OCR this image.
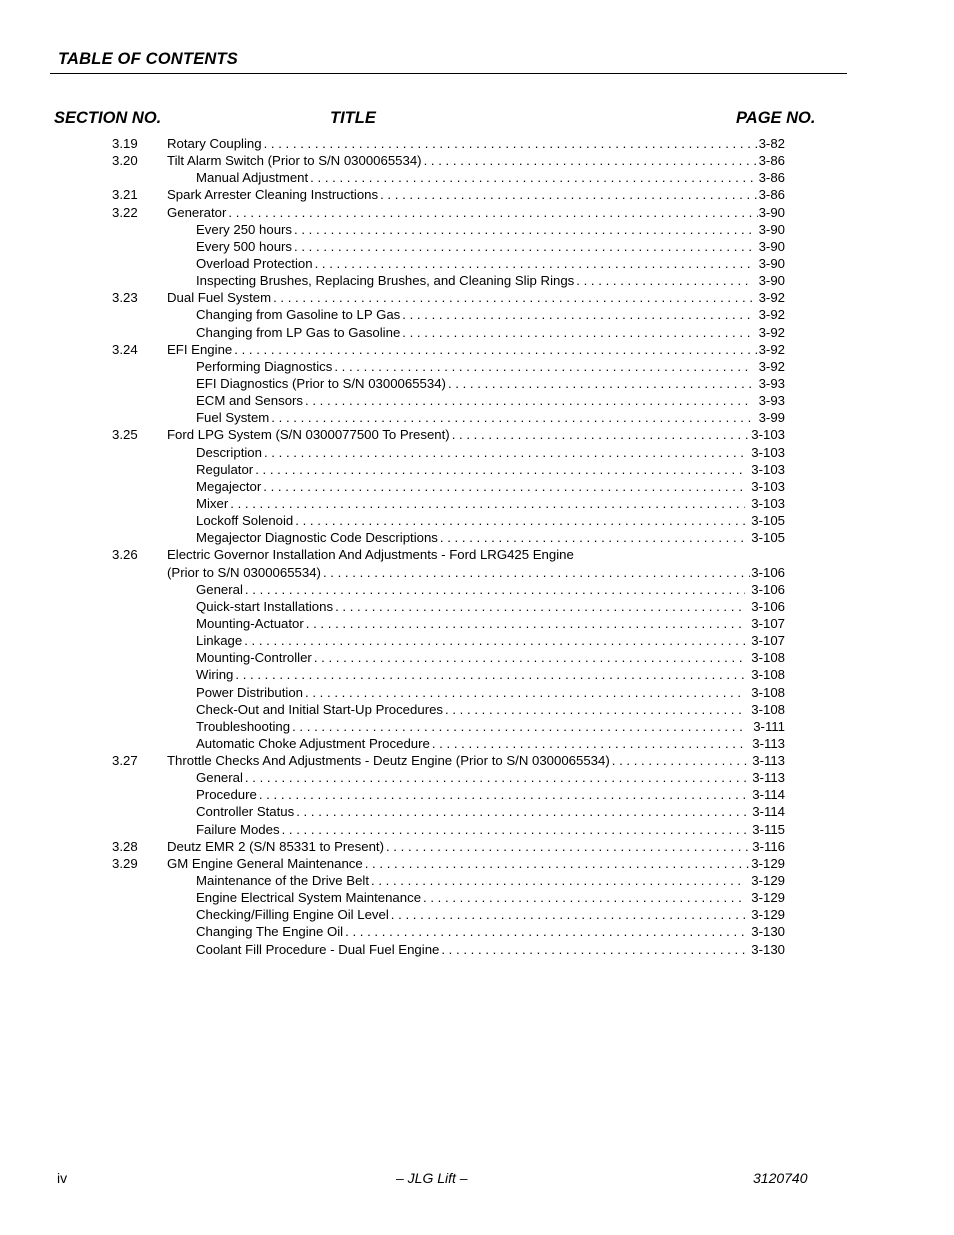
TABLE OF CONTENTS
SECTION NO.	TITLE	PAGE NO.
3.19 Rotary Coupling . . .	3-82
3.20 Tilt Alarm Switch (Prior to S/N 0300065534) . . .	3-86
Manual Adjustment . . .	3-86
3.21 Spark Arrester Cleaning Instructions . . .	3-86
3.22 Generator . . .	3-90
Every 250 hours . . .	3-90
Every 500 hours . . .	3-90
Overload Protection . . .	3-90
Inspecting Brushes, Replacing Brushes, and Cleaning Slip Rings . . .	3-90
3.23 Dual Fuel System . . .	3-92
Changing from Gasoline to LP Gas . . .	3-92
Changing from LP Gas to Gasoline . . .	3-92
3.24 EFI Engine . . .	3-92
Performing Diagnostics . . .	3-92
EFI Diagnostics (Prior to S/N 0300065534) . . .	3-93
ECM and Sensors . . .	3-93
Fuel System . . .	3-99
3.25 Ford LPG System (S/N 0300077500 To Present) . . .	3-103
Description . . .	3-103
Regulator . . .	3-103
Megajector . . .	3-103
Mixer . . .	3-103
Lockoff Solenoid . . .	3-105
Megajector Diagnostic Code Descriptions . . .	3-105
3.26 Electric Governor Installation And Adjustments - Ford LRG425 Engine
(Prior to S/N 0300065534) . . .	3-106
General . . .	3-106
Quick-start Installations . . .	3-106
Mounting-Actuator . . .	3-107
Linkage . . .	3-107
Mounting-Controller . . .	3-108
Wiring . . .	3-108
Power Distribution . . .	3-108
Check-Out and Initial Start-Up Procedures . . .	3-108
Troubleshooting . . .	3-111
Automatic Choke Adjustment Procedure . . .	3-113
3.27 Throttle Checks And Adjustments - Deutz Engine (Prior to S/N 0300065534) . . .	3-113
General . . .	3-113
Procedure . . .	3-114
Controller Status . . .	3-114
Failure Modes . . .	3-115
3.28 Deutz EMR 2 (S/N 85331 to Present) . . .	3-116
3.29 GM Engine General Maintenance . . .	3-129
Maintenance of the Drive Belt . . .	3-129
Engine Electrical System Maintenance . . .	3-129
Checking/Filling Engine Oil Level . . .	3-129
Changing The Engine Oil . . .	3-130
Coolant Fill Procedure - Dual Fuel Engine . . .	3-130
iv	– JLG Lift –	3120740
